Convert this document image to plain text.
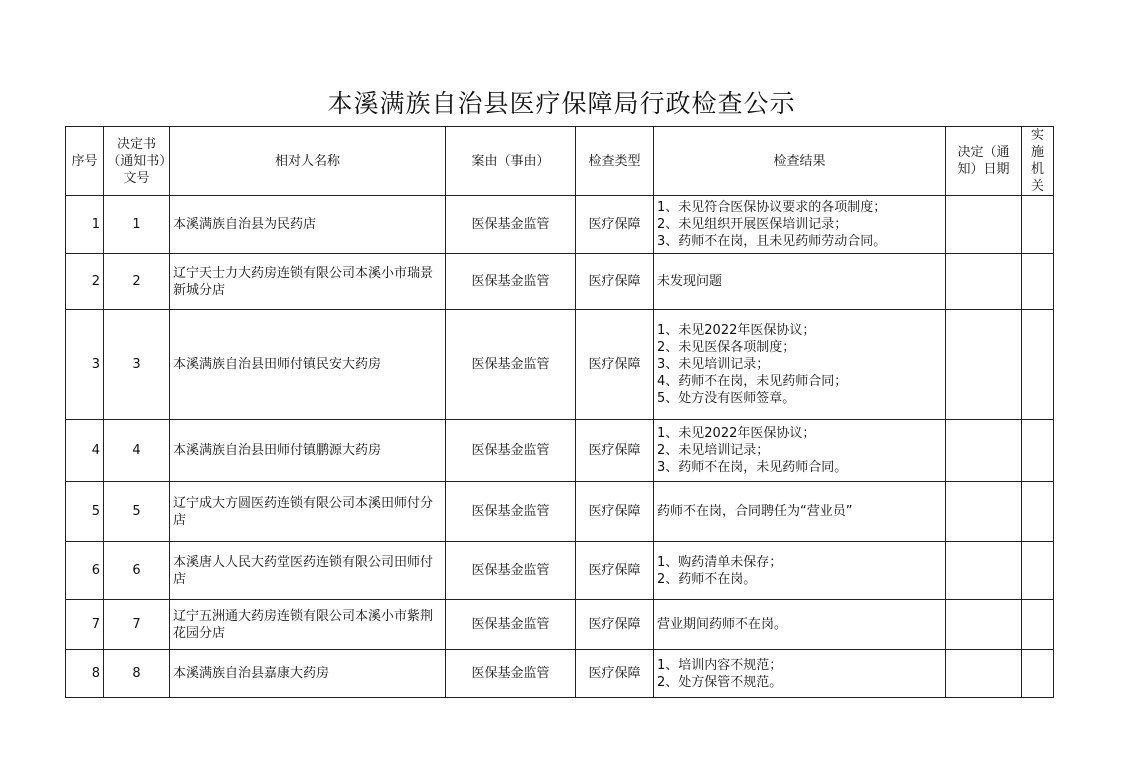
本溪满族自治县医疗保障局行政检查公示
序号	决定书（通知书）文号	相对人名称	案由（事由）	检查类型	检查结果	决定（通 知）日期	实施机关
1	1	本溪满族自治县为民药店	医保基金监管	医疗保障	1、未见符合医保协议要求的各项制度；
2、未见组织开展医保培训记录；
3、药师不在岗，且未见药师劳动合同。		

2	2	辽宁天士力大药房连锁有限公司本溪小市瑞景新城分店	医保基金监管	医疗保障	未发现问题		

3	3	本溪满族自治县田师付镇民安大药房	医保基金监管	医疗保障	1、未见2022年医保协议；
2、未见医保各项制度；
3、未见培训记录；
4、药师不在岗，未见药师合同；
5、处方没有医师签章。		

4	4	本溪满族自治县田师付镇鹏源大药房	医保基金监管	医疗保障	1、未见2022年医保协议；
2、未见培训记录；
3、药师不在岗，未见药师合同。		

5	5	辽宁成大方圆医药连锁有限公司本溪田师付分店	医保基金监管	医疗保障	药师不在岗，合同聘任为“营业员”		

6	6	本溪唐人人民大药堂医药连锁有限公司田师付店	医保基金监管	医疗保障	1、购药清单未保存；
2、药师不在岗。		

7	7	辽宁五洲通大药房连锁有限公司本溪小市紫荆花园分店	医保基金监管	医疗保障	营业期间药师不在岗。		

8	8	本溪满族自治县嘉康大药房	医保基金监管	医疗保障	1、培训内容不规范；
2、处方保管不规范。		
